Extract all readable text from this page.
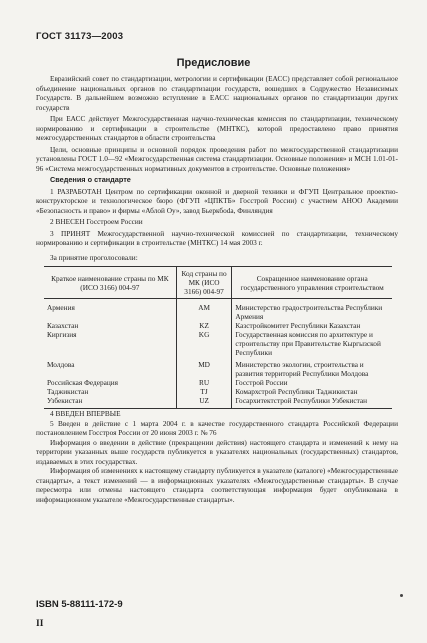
ГОСТ 31173—2003
Предисловие

Евразийский совет по стандартизации, метрологии и сертификации (ЕАСС) представляет собой региональное объединение национальных органов по стандартизации государств, вошедших в Содружество Независимых Государств. В дальнейшем возможно вступление в ЕАСС национальных органов по стандартизации других государств

При ЕАСС действует Межгосударственная научно-техническая комиссия по стандартизации, техническому нормированию и сертификации в строительстве (МНТКС), которой предоставлено право принятия межгосударственных стандартов в области строительства

Цели, основные принципы и основной порядок проведения работ по межгосударственной стандартизации установлены ГОСТ 1.0—92 «Межгосударственная система стандартизации. Основные положения» и МСН 1.01-01-96 «Система межгосударственных нормативных документов в строительстве. Основные положения»

Сведения о стандарте

1 РАЗРАБОТАН Центром по сертификации оконной и дверной техники и ФГУП Центральное проектно-конструкторское и технологическое бюро (ФГУП «ЦПКТБ» Госстрой России) с участием АНОО Академии «Безопасность и право» и фирмы «Аблой Оу», завод Бьеркбоda, Финляндия

2 ВНЕСЕН Госстроем России

3 ПРИНЯТ Межгосударственной научно-технической комиссией по стандартизации, техническому нормированию и сертификации в строительстве (МНТКС) 14 мая 2003 г.

За принятие проголосовали:

Краткое наименование страны по МК (ИСО 3166) 004-97	Код страны по МК (ИСО 3166) 004-97	Сокращенное наименование органа государственного управления строительством
Армения	AM	Министерство градостроительства Республики Армения
Казахстан	KZ	Казстройкомитет Республики Казахстан
Киргизия	KG	Государственная комиссия по архитектуре и строительству при Правительстве Кыргызской Республики
Молдова	MD	Министерство экологии, строительства и развития территорий Республики Молдова
Российская Федерация	RU	Госстрой России
Таджикистан	TJ	Комархстрой Республики Таджикистан
Узбекистан	UZ	Госархитектстрой Республики Узбекистан

4 ВВЕДЕН ВПЕРВЫЕ

5 Введен в действие с 1 марта 2004 г. в качестве государственного стандарта Российской Федерации постановлением Госстроя России от 20 июня 2003 г. № 76

Информация о введении в действие (прекращении действия) настоящего стандарта и изменений к нему на территории указанных выше государств публикуется в указателях национальных (государственных) стандартов, издаваемых в этих государствах.

Информация об изменениях к настоящему стандарту публикуется в указателе (каталоге) «Межгосударственные стандарты», а текст изменений — в информационных указателях «Межгосударственные стандарты». В случае пересмотра или отмены настоящего стандарта соответствующая информация будет опубликована в информационном указателе «Межгосударственные стандарты».

ISBN 5-88111-172-9
II
